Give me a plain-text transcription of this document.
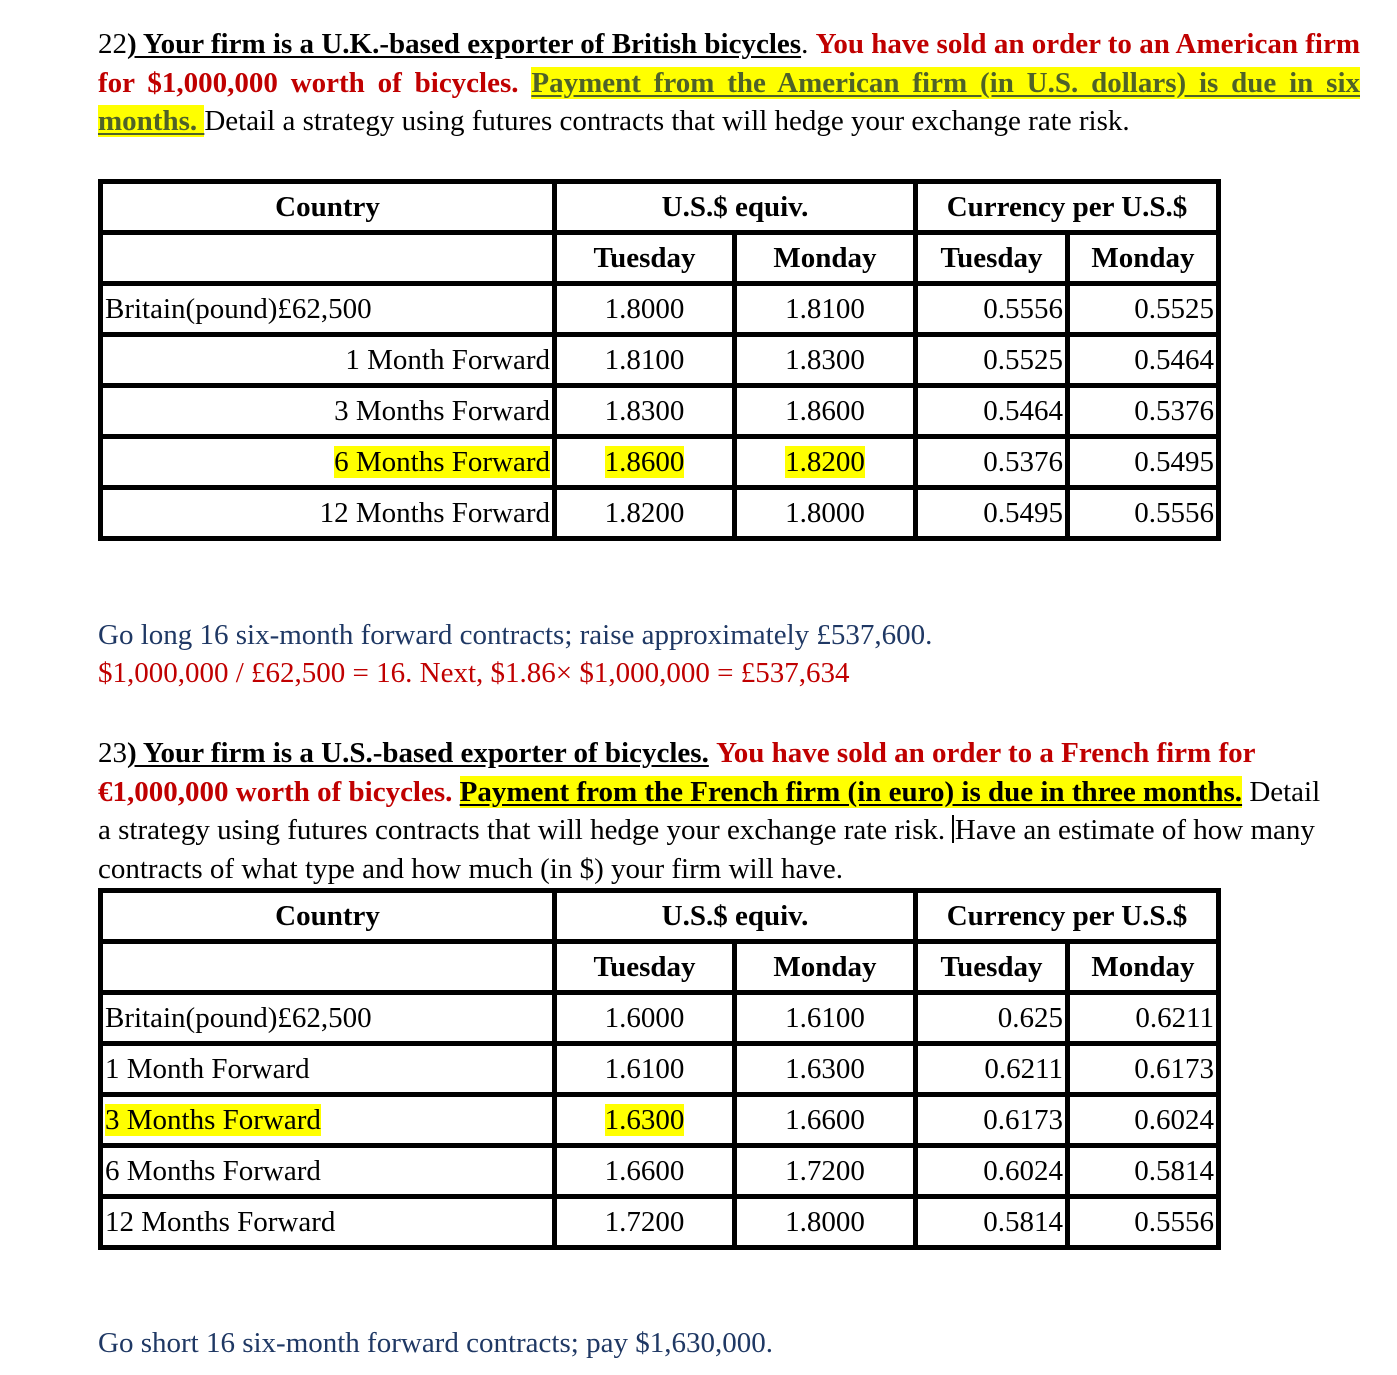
22) Your firm is a U.K.-based exporter of British bicycles. You have sold an order to an American firm for $1,000,000 worth of bicycles. Payment from the American firm (in U.S. dollars) is due in six months. Detail a strategy using futures contracts that will hedge your exchange rate risk.

Country	U.S.$ equiv.		Currency per U.S.$	
	Tuesday	Monday	Tuesday	Monday
Britain(pound)£62,500	1.8000	1.8100	0.5556	0.5525
1 Month Forward	1.8100	1.8300	0.5525	0.5464
3 Months Forward	1.8300	1.8600	0.5464	0.5376
6 Months Forward	1.8600	1.8200	0.5376	0.5495
12 Months Forward	1.8200	1.8000	0.5495	0.5556

Go long 16 six-month forward contracts; raise approximately £537,600.

$1,000,000 / £62,500 = 16. Next, $1.86× $1,000,000 = £537,634

23) Your firm is a U.S.-based exporter of bicycles. You have sold an order to a French firm for €1,000,000 worth of bicycles. Payment from the French firm (in euro) is due in three months. Detail a strategy using futures contracts that will hedge your exchange rate risk. Have an estimate of how many contracts of what type and how much (in $) your firm will have.

Country	U.S.$ equiv.		Currency per U.S.$	
	Tuesday	Monday	Tuesday	Monday
Britain(pound)£62,500	1.6000	1.6100	0.625	0.6211
1 Month Forward	1.6100	1.6300	0.6211	0.6173
3 Months Forward	1.6300	1.6600	0.6173	0.6024
6 Months Forward	1.6600	1.7200	0.6024	0.5814
12 Months Forward	1.7200	1.8000	0.5814	0.5556

Go short 16 six-month forward contracts; pay $1,630,000.
